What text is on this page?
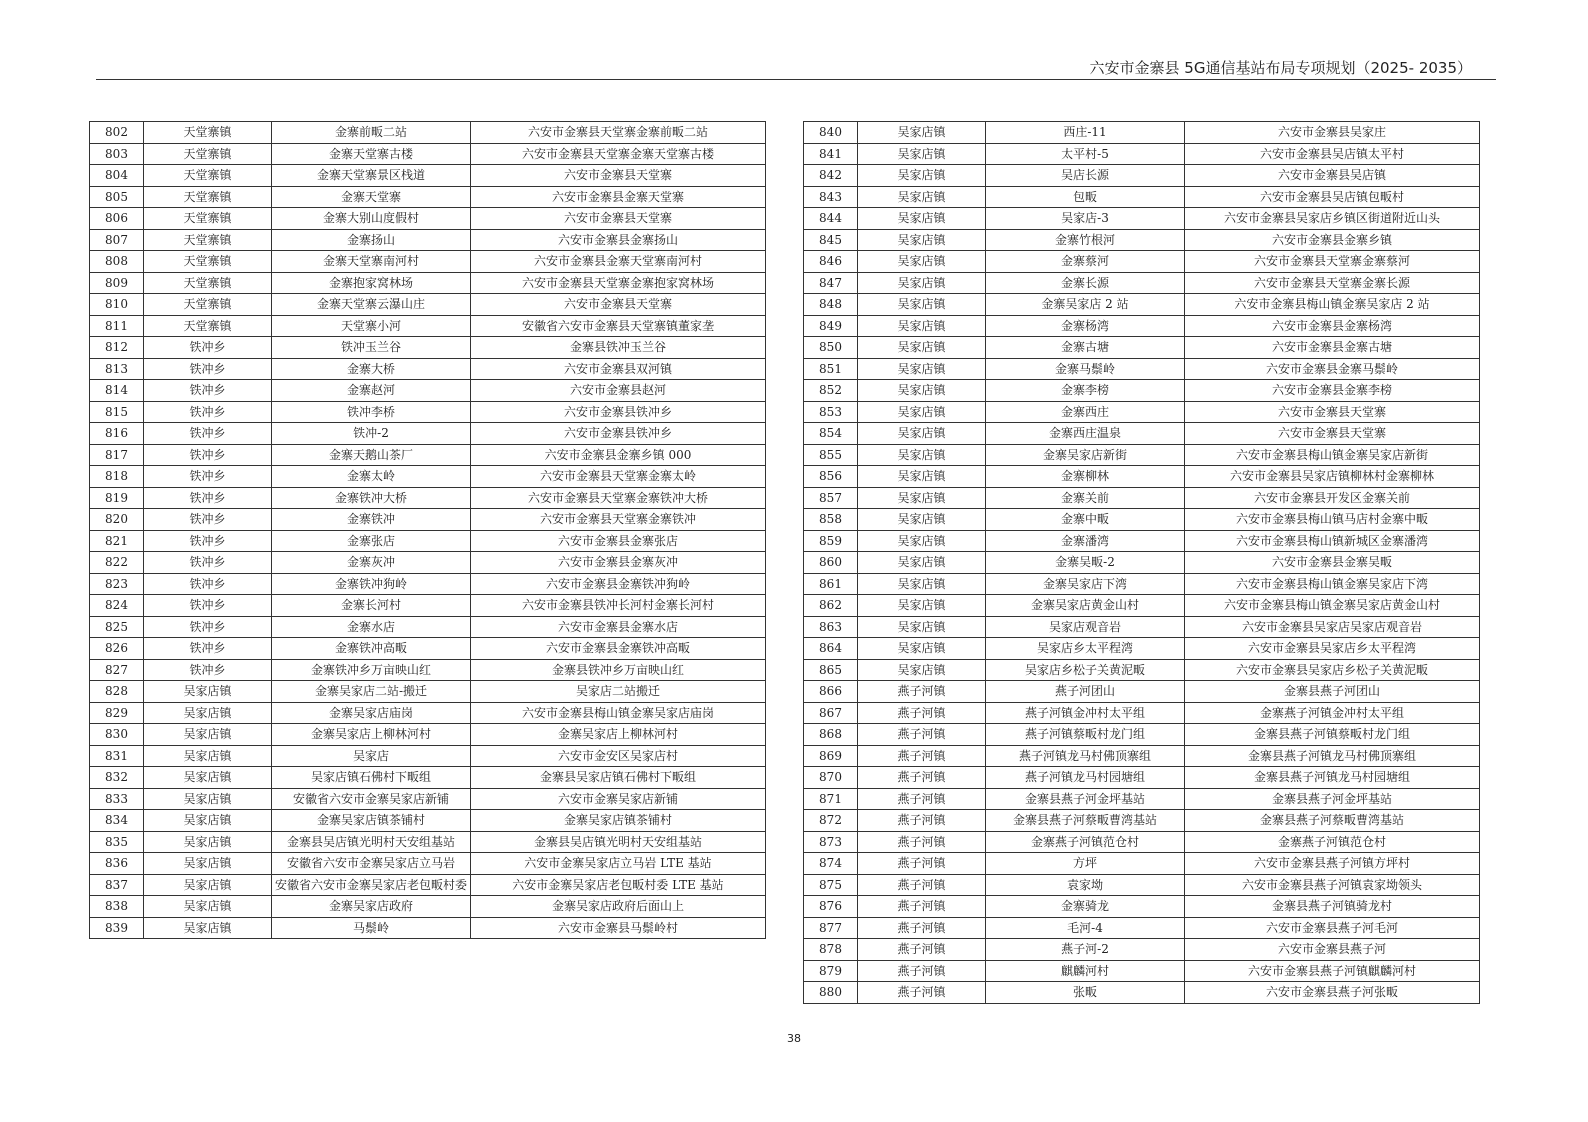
六安市金寨县 5G通信基站布局专项规划（2025- 2035）
802	天堂寨镇	金寨前畈二站	六安市金寨县天堂寨金寨前畈二站
803	天堂寨镇	金寨天堂寨古楼	六安市金寨县天堂寨金寨天堂寨古楼
804	天堂寨镇	金寨天堂寨景区栈道	六安市金寨县天堂寨
805	天堂寨镇	金寨天堂寨	六安市金寨县金寨天堂寨
806	天堂寨镇	金寨大别山度假村	六安市金寨县天堂寨
807	天堂寨镇	金寨扬山	六安市金寨县金寨扬山
808	天堂寨镇	金寨天堂寨南河村	六安市金寨县金寨天堂寨南河村
809	天堂寨镇	金寨抱家窝林场	六安市金寨县天堂寨金寨抱家窝林场
810	天堂寨镇	金寨天堂寨云瀑山庄	六安市金寨县天堂寨
811	天堂寨镇	天堂寨小河	安徽省六安市金寨县天堂寨镇董家垄
812	铁冲乡	铁冲玉兰谷	金寨县铁冲玉兰谷
813	铁冲乡	金寨大桥	六安市金寨县双河镇
814	铁冲乡	金寨赵河	六安市金寨县赵河
815	铁冲乡	铁冲李桥	六安市金寨县铁冲乡
816	铁冲乡	铁冲-2	六安市金寨县铁冲乡
817	铁冲乡	金寨天鹅山茶厂	六安市金寨县金寨乡镇 000
818	铁冲乡	金寨太岭	六安市金寨县天堂寨金寨太岭
819	铁冲乡	金寨铁冲大桥	六安市金寨县天堂寨金寨铁冲大桥
820	铁冲乡	金寨铁冲	六安市金寨县天堂寨金寨铁冲
821	铁冲乡	金寨张店	六安市金寨县金寨张店
822	铁冲乡	金寨灰冲	六安市金寨县金寨灰冲
823	铁冲乡	金寨铁冲狗岭	六安市金寨县金寨铁冲狗岭
824	铁冲乡	金寨长河村	六安市金寨县铁冲长河村金寨长河村
825	铁冲乡	金寨水店	六安市金寨县金寨水店
826	铁冲乡	金寨铁冲高畈	六安市金寨县金寨铁冲高畈
827	铁冲乡	金寨铁冲乡万亩映山红	金寨县铁冲乡万亩映山红
828	吴家店镇	金寨吴家店二站-搬迁	吴家店二站搬迁
829	吴家店镇	金寨吴家店庙岗	六安市金寨县梅山镇金寨吴家店庙岗
830	吴家店镇	金寨吴家店上柳林河村	金寨吴家店上柳林河村
831	吴家店镇	吴家店	六安市金安区吴家店村
832	吴家店镇	吴家店镇石佛村下畈组	金寨县吴家店镇石佛村下畈组
833	吴家店镇	安徽省六安市金寨吴家店新铺	六安市金寨吴家店新铺
834	吴家店镇	金寨吴家店镇茶铺村	金寨吴家店镇茶铺村
835	吴家店镇	金寨县吴店镇光明村天安组基站	金寨县吴店镇光明村天安组基站
836	吴家店镇	安徽省六安市金寨吴家店立马岩	六安市金寨吴家店立马岩 LTE 基站
837	吴家店镇	安徽省六安市金寨吴家店老包畈村委	六安市金寨吴家店老包畈村委 LTE 基站
838	吴家店镇	金寨吴家店政府	金寨吴家店政府后面山上
839	吴家店镇	马鬃岭	六安市金寨县马鬃岭村
840	吴家店镇	西庄-11	六安市金寨县吴家庄
841	吴家店镇	太平村-5	六安市金寨县吴店镇太平村
842	吴家店镇	吴店长源	六安市金寨县吴店镇
843	吴家店镇	包畈	六安市金寨县吴店镇包畈村
844	吴家店镇	吴家店-3	六安市金寨县吴家店乡镇区街道附近山头
845	吴家店镇	金寨竹根河	六安市金寨县金寨乡镇
846	吴家店镇	金寨蔡河	六安市金寨县天堂寨金寨蔡河
847	吴家店镇	金寨长源	六安市金寨县天堂寨金寨长源
848	吴家店镇	金寨吴家店 2 站	六安市金寨县梅山镇金寨吴家店 2 站
849	吴家店镇	金寨杨湾	六安市金寨县金寨杨湾
850	吴家店镇	金寨古塘	六安市金寨县金寨古塘
851	吴家店镇	金寨马鬃岭	六安市金寨县金寨马鬃岭
852	吴家店镇	金寨李榜	六安市金寨县金寨李榜
853	吴家店镇	金寨西庄	六安市金寨县天堂寨
854	吴家店镇	金寨西庄温泉	六安市金寨县天堂寨
855	吴家店镇	金寨吴家店新街	六安市金寨县梅山镇金寨吴家店新街
856	吴家店镇	金寨柳林	六安市金寨县吴家店镇柳林村金寨柳林
857	吴家店镇	金寨关前	六安市金寨县开发区金寨关前
858	吴家店镇	金寨中畈	六安市金寨县梅山镇马店村金寨中畈
859	吴家店镇	金寨潘湾	六安市金寨县梅山镇新城区金寨潘湾
860	吴家店镇	金寨吴畈-2	六安市金寨县金寨吴畈
861	吴家店镇	金寨吴家店下湾	六安市金寨县梅山镇金寨吴家店下湾
862	吴家店镇	金寨吴家店黄金山村	六安市金寨县梅山镇金寨吴家店黄金山村
863	吴家店镇	吴家店观音岩	六安市金寨县吴家店吴家店观音岩
864	吴家店镇	吴家店乡太平程湾	六安市金寨县吴家店乡太平程湾
865	吴家店镇	吴家店乡松子关黄泥畈	六安市金寨县吴家店乡松子关黄泥畈
866	燕子河镇	燕子河团山	金寨县燕子河团山
867	燕子河镇	燕子河镇金冲村太平组	金寨燕子河镇金冲村太平组
868	燕子河镇	燕子河镇蔡畈村龙门组	金寨县燕子河镇蔡畈村龙门组
869	燕子河镇	燕子河镇龙马村佛顶寨组	金寨县燕子河镇龙马村佛顶寨组
870	燕子河镇	燕子河镇龙马村园塘组	金寨县燕子河镇龙马村园塘组
871	燕子河镇	金寨县燕子河金坪基站	金寨县燕子河金坪基站
872	燕子河镇	金寨县燕子河蔡畈曹湾基站	金寨县燕子河蔡畈曹湾基站
873	燕子河镇	金寨燕子河镇范仓村	金寨燕子河镇范仓村
874	燕子河镇	方坪	六安市金寨县燕子河镇方坪村
875	燕子河镇	袁家坳	六安市金寨县燕子河镇袁家坳领头
876	燕子河镇	金寨骑龙	金寨县燕子河镇骑龙村
877	燕子河镇	毛河-4	六安市金寨县燕子河毛河
878	燕子河镇	燕子河-2	六安市金寨县燕子河
879	燕子河镇	麒麟河村	六安市金寨县燕子河镇麒麟河村
880	燕子河镇	张畈	六安市金寨县燕子河张畈
38
